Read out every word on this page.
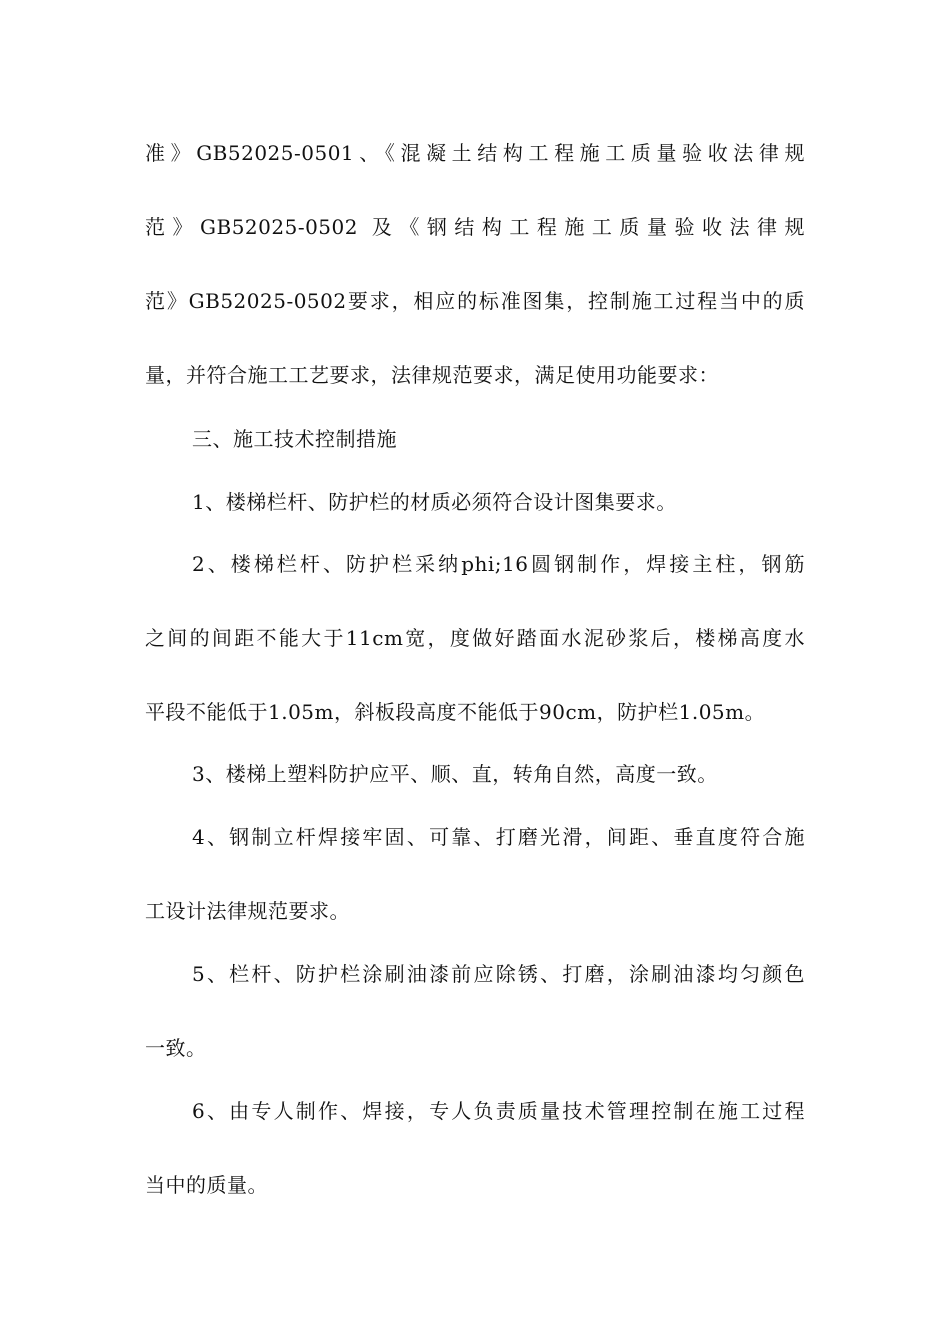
准》GB52025-0501、《混凝土结构工程施工质量验收法律规
范》GB52025-0502 及《钢结构工程施工质量验收法律规
范》GB52025-0502要求，相应的标准图集，控制施工过程当中的质
量，并符合施工工艺要求，法律规范要求，满足使用功能要求：
三、施工技术控制措施
1、楼梯栏杆、防护栏的材质必须符合设计图集要求。
2、楼梯栏杆、防护栏采纳phi;16圆钢制作，焊接主柱，钢筋
之间的间距不能大于11cm宽，度做好踏面水泥砂浆后，楼梯高度水
平段不能低于1.05m，斜板段高度不能低于90cm，防护栏1.05m。
3、楼梯上塑料防护应平、顺、直，转角自然，高度一致。
4、钢制立杆焊接牢固、可靠、打磨光滑，间距、垂直度符合施
工设计法律规范要求。
5、栏杆、防护栏涂刷油漆前应除锈、打磨，涂刷油漆均匀颜色
一致。
6、由专人制作、焊接，专人负责质量技术管理控制在施工过程
当中的质量。
